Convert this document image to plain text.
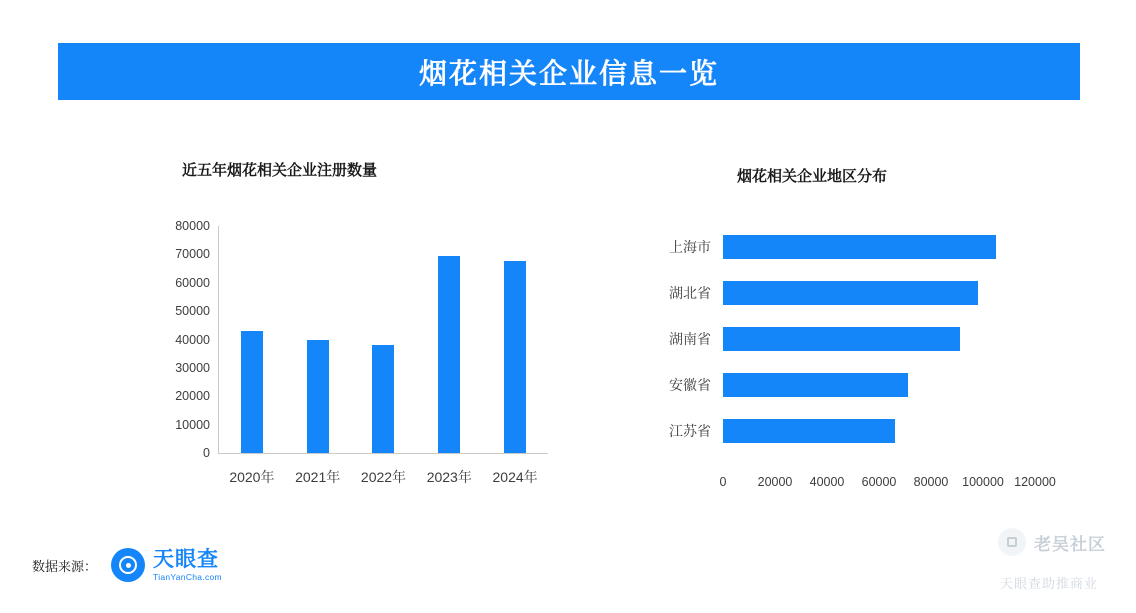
烟花相关企业信息一览
近五年烟花相关企业注册数量
80000
70000
60000
50000
40000
30000
20000
10000
0
2020年	2021年	2022年	2023年	2024年
烟花相关企业地区分布
上海市
湖北省
湖南省
安徽省
江苏省
0 20000 40000 60000 80000 100000 120000
数据来源：	天眼查
TianYanCha.com
老吴社区
天眼查助推商业
